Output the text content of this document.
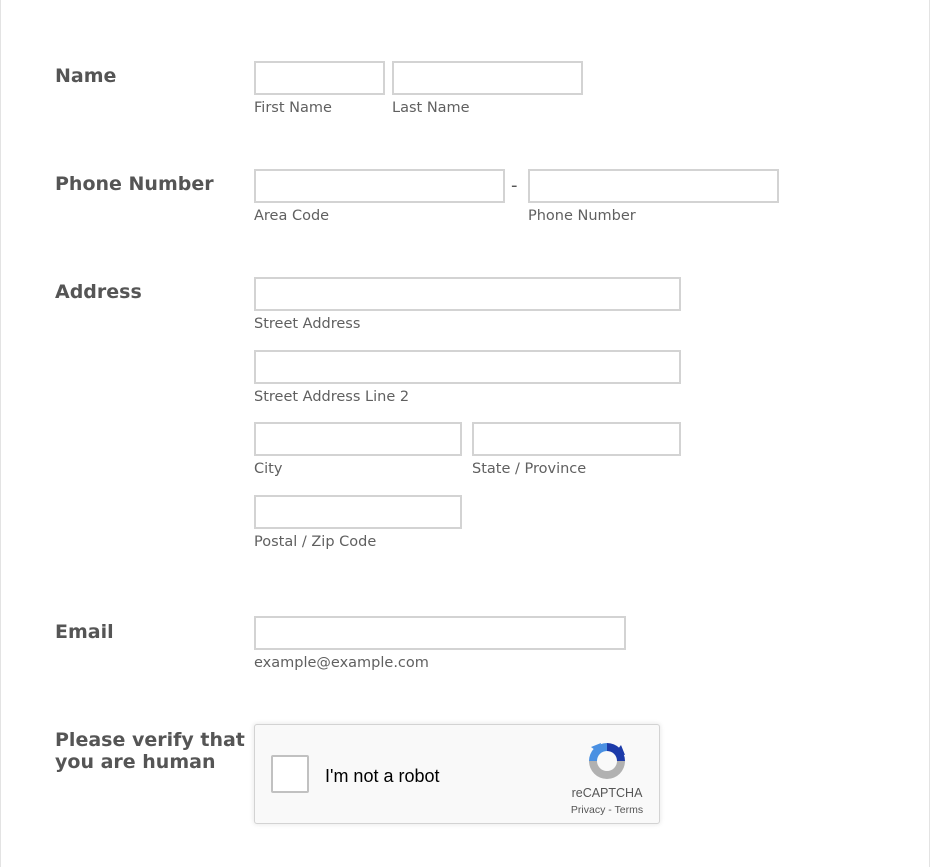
Name
First Name	Last Name
Phone Number	-
Area Code	Phone Number
Address
Street Address
Street Address Line 2
City	State / Province
Postal / Zip Code
Email
example@example.com
Please verify that you are human
I'm not a robot
reCAPTCHA
Privacy - Terms
